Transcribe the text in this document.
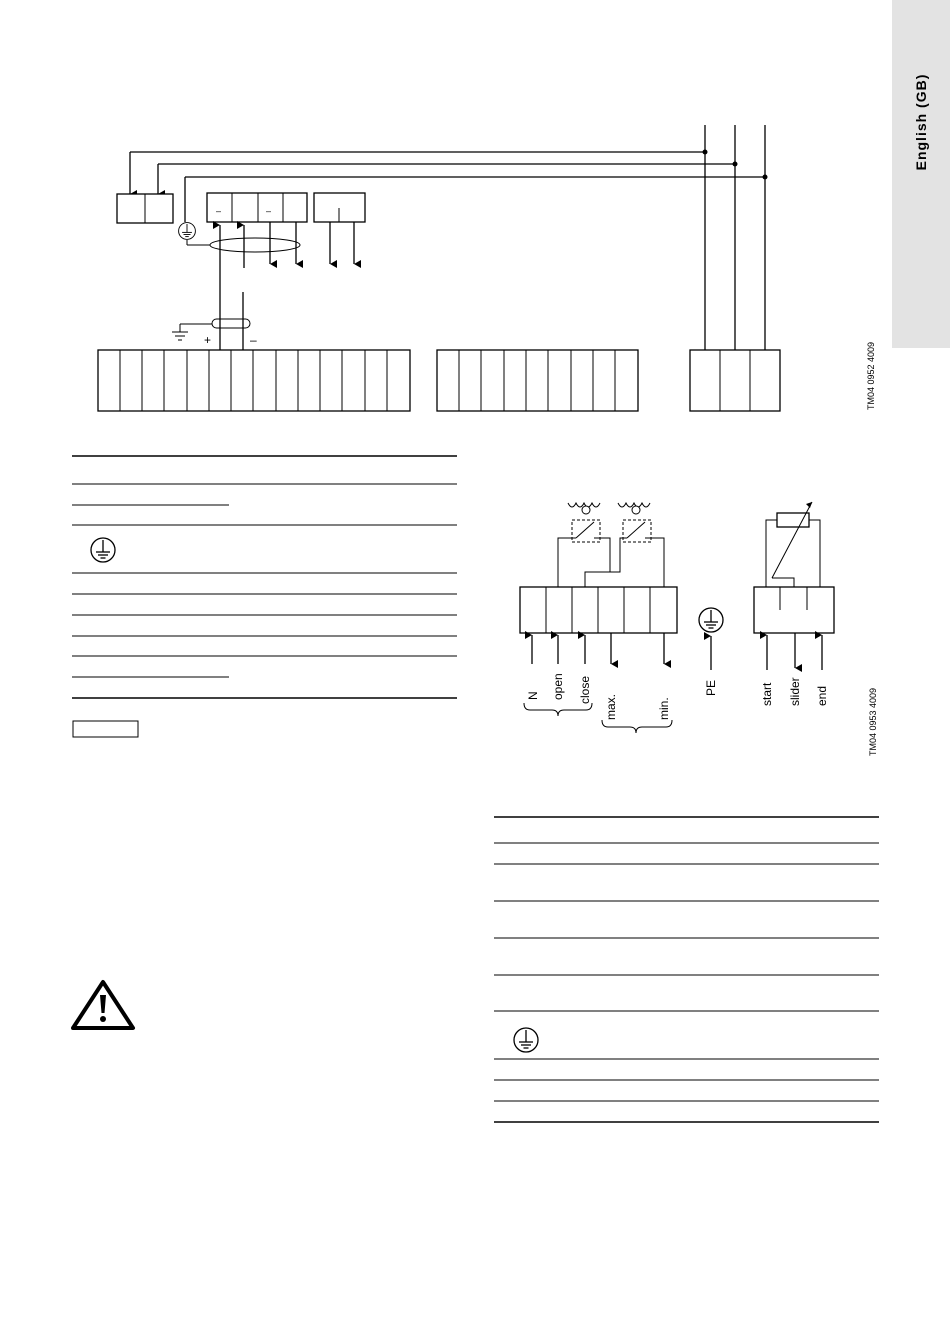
English (GB)
–	–
+	–
TM04 0952 4009
N open close
max.	min.
PE	start slider end	TM04 0953 4009
